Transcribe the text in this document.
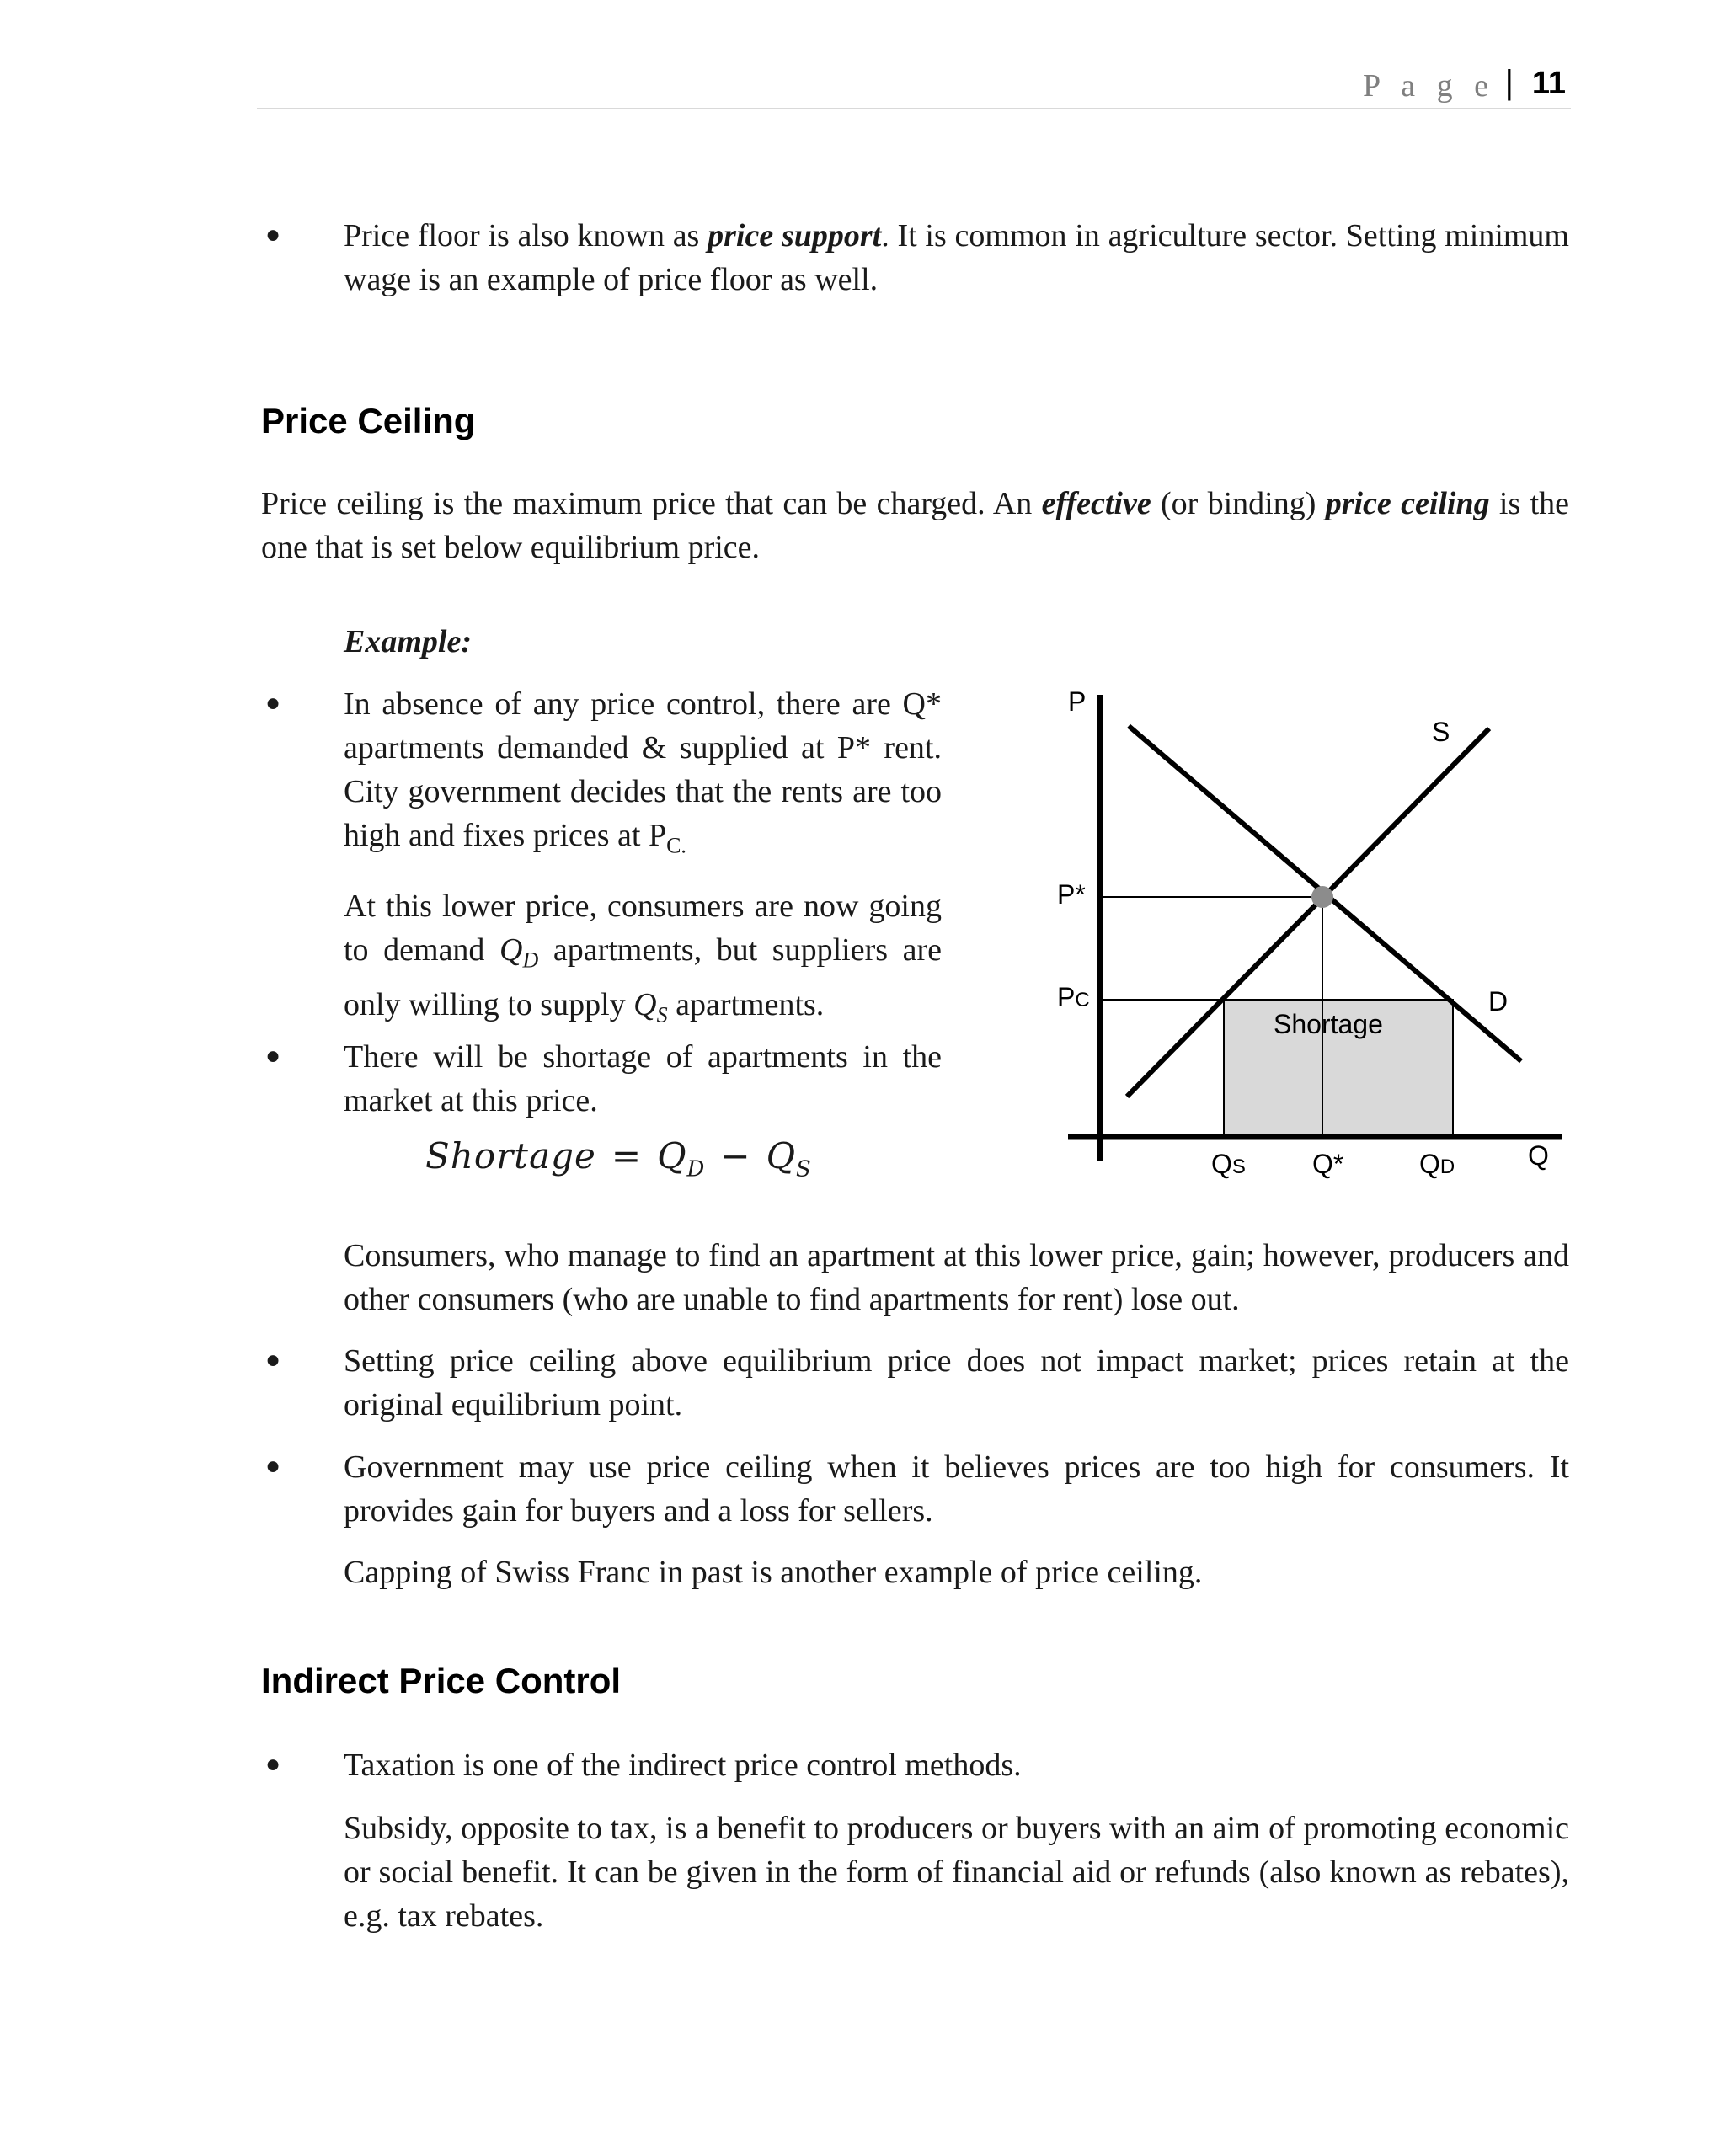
P a g e | 11
● Price floor is also known as price support. It is common in agriculture sector. Setting minimum wage is an example of price floor as well.
Price Ceiling
Price ceiling is the maximum price that can be charged. An effective (or binding) price ceiling is the one that is set below equilibrium price.
Example:
● In absence of any price control, there are Q* apartments demanded & supplied at P* rent. City government decides that the rents are too high and fixes prices at $P_{C.}$
At this lower price, consumers are now going to demand $Q_D$ apartments, but suppliers are only willing to supply $Q_S$ apartments.
● There will be shortage of apartments in the market at this price.
Shortage = $Q_D - Q_S$
P
Q
S
D
P*
PC
Shortage
QS Q*	QD
Consumers, who manage to find an apartment at this lower price, gain; however, producers and other consumers (who are unable to find apartments for rent) lose out.
● Setting price ceiling above equilibrium price does not impact market; prices retain at the original equilibrium point.
● Government may use price ceiling when it believes prices are too high for consumers. It provides gain for buyers and a loss for sellers.
Capping of Swiss Franc in past is another example of price ceiling.
Indirect Price Control
● Taxation is one of the indirect price control methods.
Subsidy, opposite to tax, is a benefit to producers or buyers with an aim of promoting economic or social benefit. It can be given in the form of financial aid or refunds (also known as rebates), e.g. tax rebates.
